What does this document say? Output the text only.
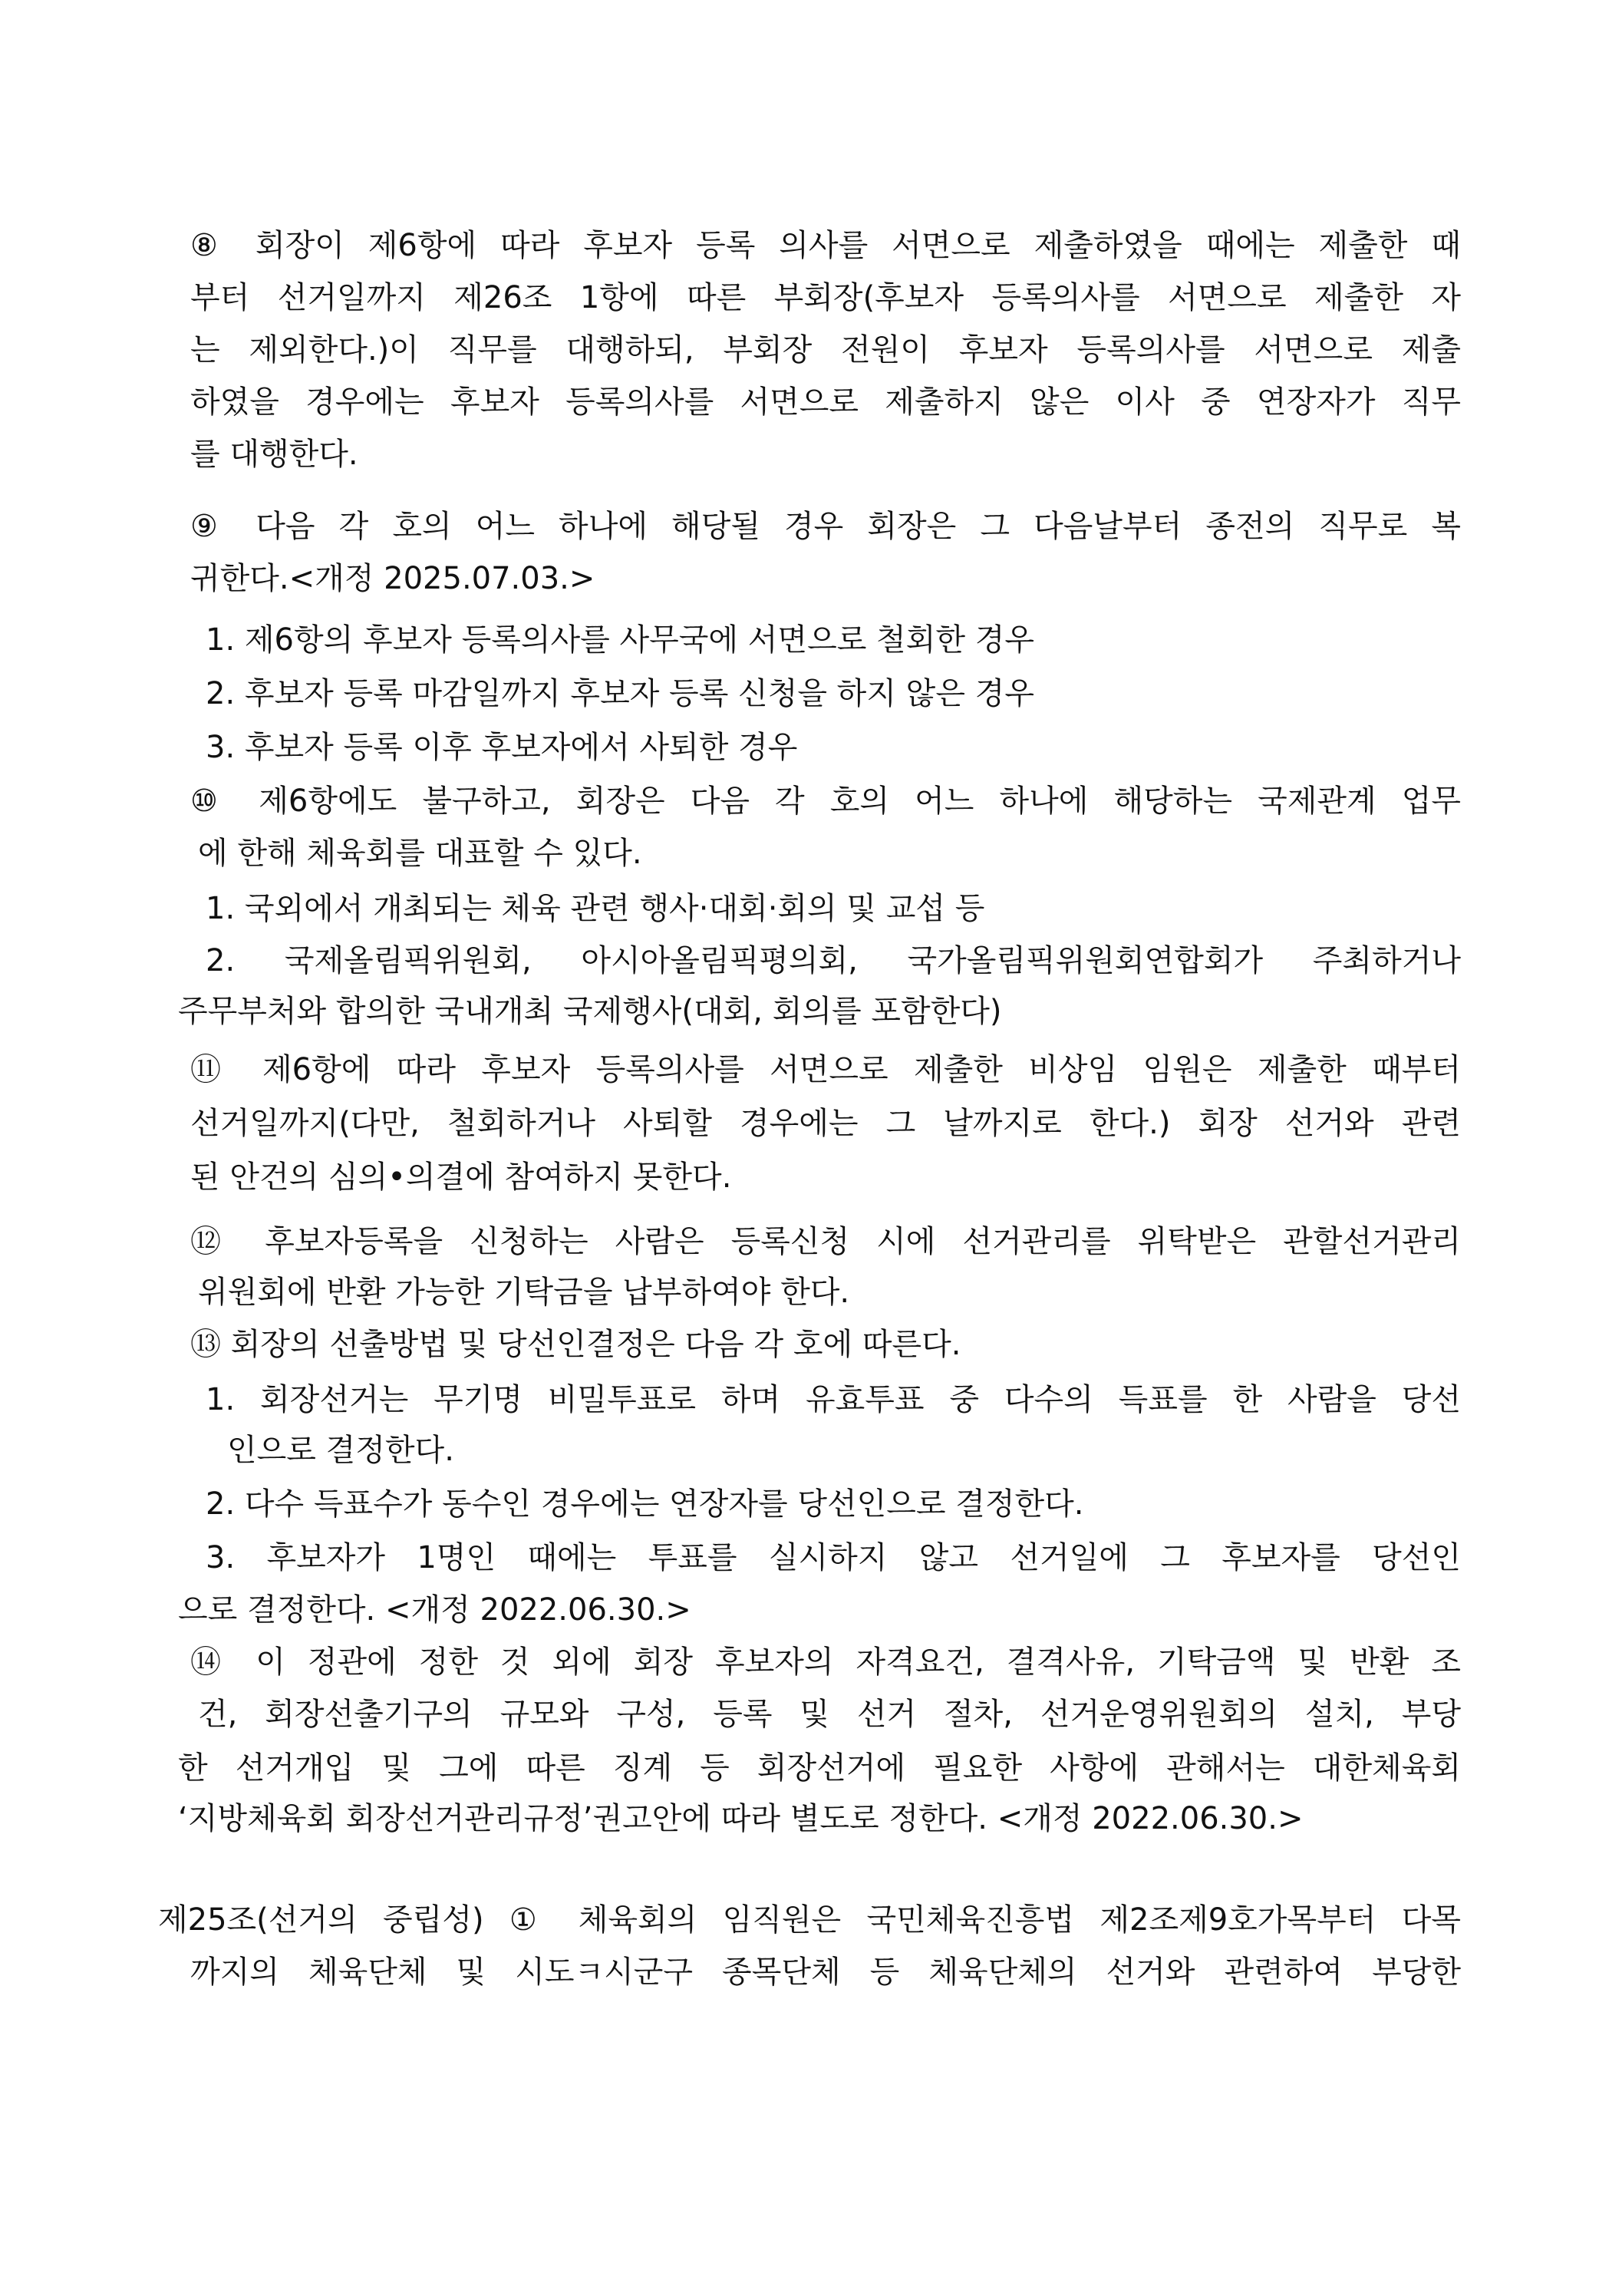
⑧ 회장이 제6항에 따라 후보자 등록 의사를 서면으로 제출하였을 때에는 제출한 때
부터 선거일까지 제26조 1항에 따른 부회장(후보자 등록의사를 서면으로 제출한 자
는 제외한다.)이 직무를 대행하되, 부회장 전원이 후보자 등록의사를 서면으로 제출
하였을 경우에는 후보자 등록의사를 서면으로 제출하지 않은 이사 중 연장자가 직무
를 대행한다.
⑨ 다음 각 호의 어느 하나에 해당될 경우 회장은 그 다음날부터 종전의 직무로 복
귀한다.<개정 2025.07.03.>
1. 제6항의 후보자 등록의사를 사무국에 서면으로 철회한 경우
2. 후보자 등록 마감일까지 후보자 등록 신청을 하지 않은 경우
3. 후보자 등록 이후 후보자에서 사퇴한 경우
⑩ 제6항에도 불구하고, 회장은 다음 각 호의 어느 하나에 해당하는 국제관계 업무
에 한해 체육회를 대표할 수 있다.
1. 국외에서 개최되는 체육 관련 행사·대회·회의 및 교섭 등
2. 국제올림픽위원회, 아시아올림픽평의회, 국가올림픽위원회연합회가 주최하거나
주무부처와 합의한 국내개최 국제행사(대회, 회의를 포함한다)
⑪ 제6항에 따라 후보자 등록의사를 서면으로 제출한 비상임 임원은 제출한 때부터
선거일까지(다만, 철회하거나 사퇴할 경우에는 그 날까지로 한다.) 회장 선거와 관련
된 안건의 심의•의결에 참여하지 못한다.
⑫ 후보자등록을 신청하는 사람은 등록신청 시에 선거관리를 위탁받은 관할선거관리
위원회에 반환 가능한 기탁금을 납부하여야 한다.
⑬ 회장의 선출방법 및 당선인결정은 다음 각 호에 따른다.
1. 회장선거는 무기명 비밀투표로 하며 유효투표 중 다수의 득표를 한 사람을 당선
인으로 결정한다.
2. 다수 득표수가 동수인 경우에는 연장자를 당선인으로 결정한다.
3. 후보자가 1명인 때에는 투표를 실시하지 않고 선거일에 그 후보자를 당선인
으로 결정한다. <개정 2022.06.30.>
⑭ 이 정관에 정한 것 외에 회장 후보자의 자격요건, 결격사유, 기탁금액 및 반환 조
건, 회장선출기구의 규모와 구성, 등록 및 선거 절차, 선거운영위원회의 설치, 부당
한 선거개입 및 그에 따른 징계 등 회장선거에 필요한 사항에 관해서는 대한체육회
‘지방체육회 회장선거관리규정’권고안에 따라 별도로 정한다. <개정 2022.06.30.>
제25조(선거의 중립성) ① 체육회의 임직원은 국민체육진흥법 제2조제9호가목부터 다목
까지의 체육단체 및 시도ㅋ시군구 종목단체 등 체육단체의 선거와 관련하여 부당한
